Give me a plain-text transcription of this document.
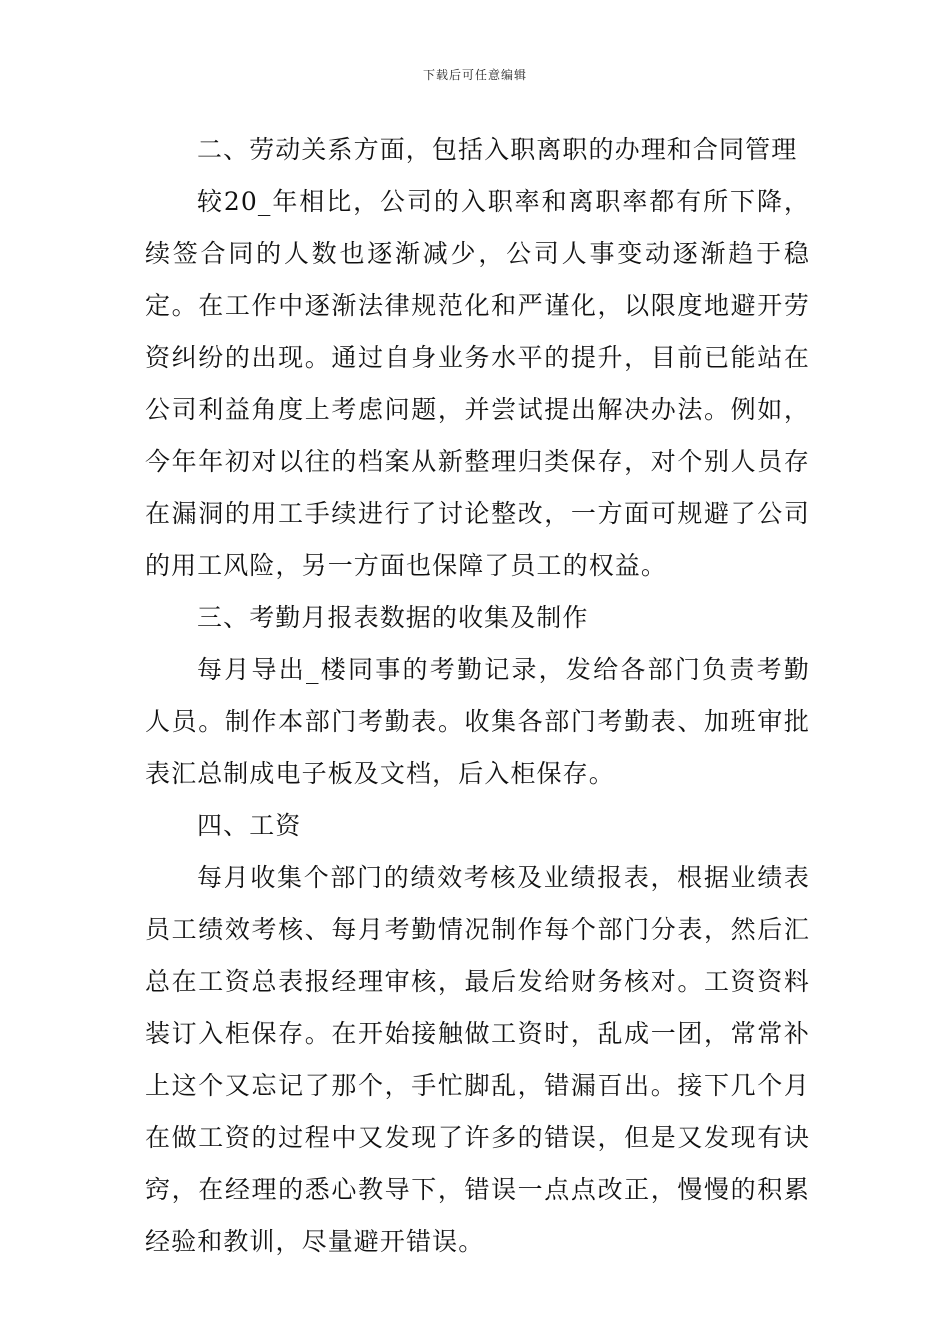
下载后可任意编辑

二、劳动关系方面，包括入职离职的办理和合同管理

较20_年相比，公司的入职率和离职率都有所下降，续签合同的人数也逐渐减少，公司人事变动逐渐趋于稳定。在工作中逐渐法律规范化和严谨化，以限度地避开劳资纠纷的出现。通过自身业务水平的提升，目前已能站在公司利益角度上考虑问题，并尝试提出解决办法。例如，今年年初对以往的档案从新整理归类保存，对个别人员存在漏洞的用工手续进行了讨论整改，一方面可规避了公司的用工风险，另一方面也保障了员工的权益。

三、考勤月报表数据的收集及制作

每月导出_楼同事的考勤记录，发给各部门负责考勤人员。制作本部门考勤表。收集各部门考勤表、加班审批表汇总制成电子板及文档，后入柜保存。

四、工资

每月收集个部门的绩效考核及业绩报表，根据业绩表员工绩效考核、每月考勤情况制作每个部门分表，然后汇总在工资总表报经理审核，最后发给财务核对。工资资料装订入柜保存。在开始接触做工资时，乱成一团，常常补上这个又忘记了那个，手忙脚乱，错漏百出。接下几个月在做工资的过程中又发现了许多的错误，但是又发现有诀窍，在经理的悉心教导下，错误一点点改正，慢慢的积累经验和教训，尽量避开错误。
